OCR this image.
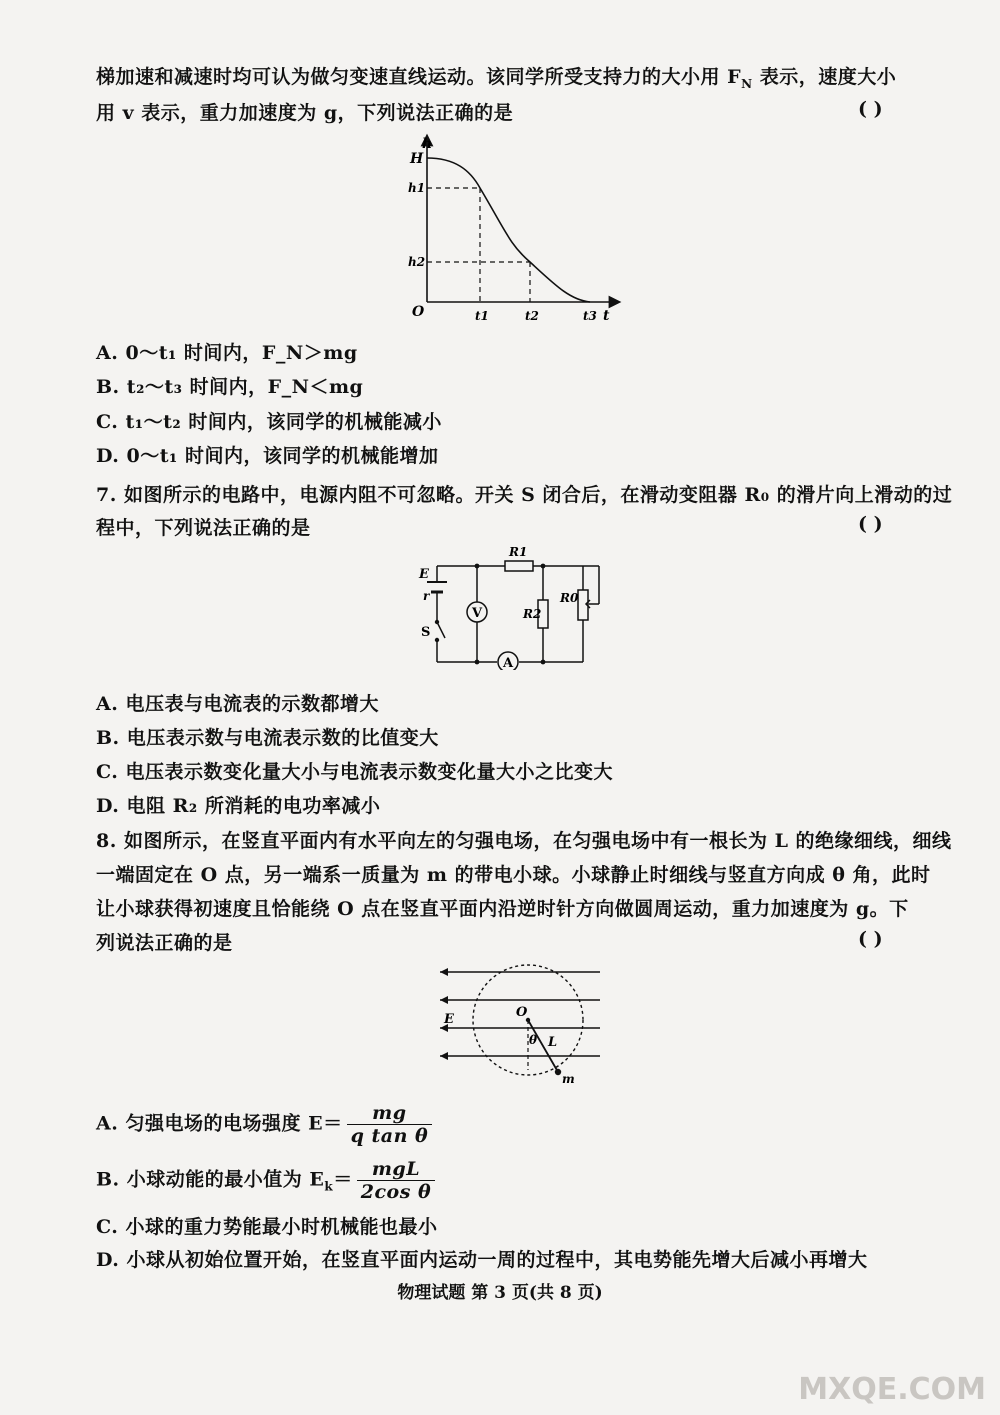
梯加速和减速时均可认为做匀变速直线运动。该同学所受支持力的大小用 $F_N$ 表示，速度大小
用 v 表示，重力加速度为 g，下列说法正确的是	( )
h
H
h1
h2
O	t1	t2	t3 t
A. 0～t₁ 时间内，F_N＞mg
B. t₂～t₃ 时间内，F_N＜mg
C. t₁～t₂ 时间内，该同学的机械能减小
D. 0～t₁ 时间内，该同学的机械能增加
7. 如图所示的电路中，电源内阻不可忽略。开关 S 闭合后，在滑动变阻器 R₀ 的滑片向上滑动的过
程中，下列说法正确的是	( )
V
A
E
r
S
R1
R2
R0
A. 电压表与电流表的示数都增大
B. 电压表示数与电流表示数的比值变大
C. 电压表示数变化量大小与电流表示数变化量大小之比变大
D. 电阻 R₂ 所消耗的电功率减小
8. 如图所示，在竖直平面内有水平向左的匀强电场，在匀强电场中有一根长为 L 的绝缘细线，细线
一端固定在 O 点，另一端系一质量为 m 的带电小球。小球静止时细线与竖直方向成 θ 角，此时
让小球获得初速度且恰能绕 O 点在竖直平面内沿逆时针方向做圆周运动，重力加速度为 g。下
列说法正确的是	( )
E	O
θ L
m
A. 匀强电场的电场强度 $E= \frac{mg}{\text{q tan θ}}$
B. 小球动能的最小值为 $E_k= \frac{\text{mgL}}{\text{2cos θ}}$
C. 小球的重力势能最小时机械能也最小
D. 小球从初始位置开始，在竖直平面内运动一周的过程中，其电势能先增大后减小再增大
物理试题 第 3 页(共 8 页)
MXQE.COM
